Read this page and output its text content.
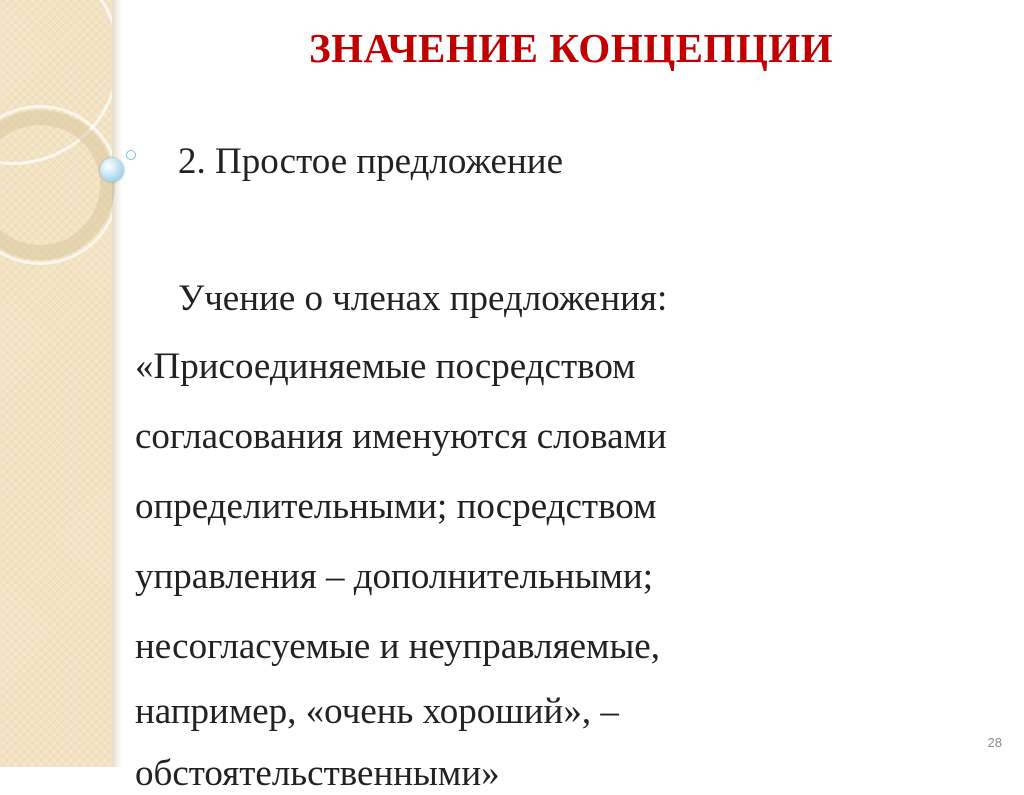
ЗНАЧЕНИЕ КОНЦЕПЦИИ
2. Простое предложение
Учение о членах предложения:
«Присоединяемые посредством
согласования именуются словами
определительными; посредством
управления – дополнительными;
несогласуемые и неуправляемые,
например, «очень хороший», –
обстоятельственными»
28
